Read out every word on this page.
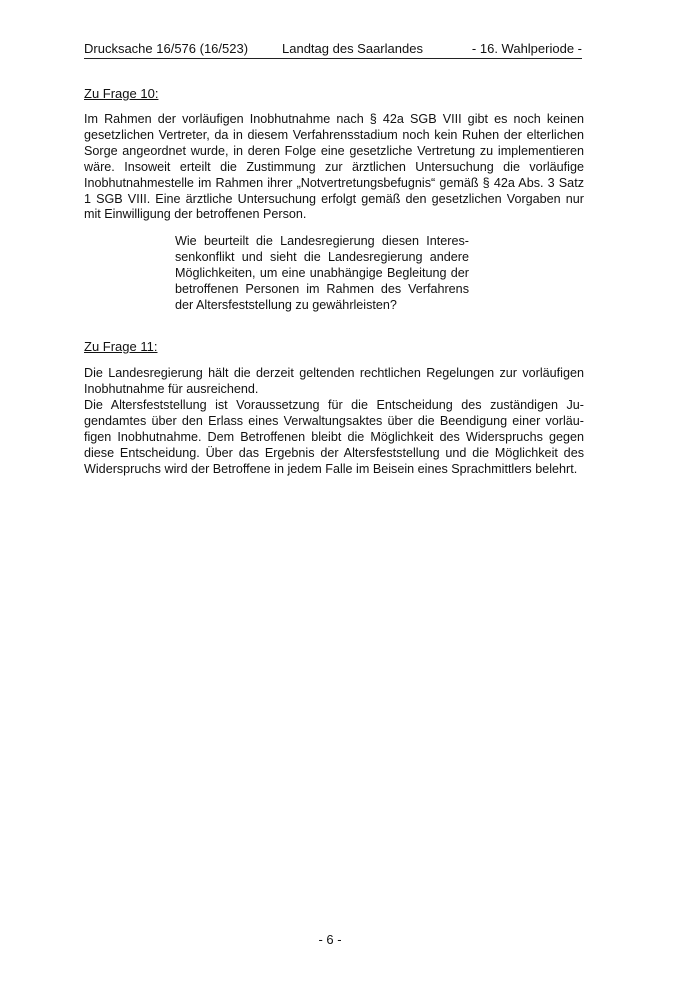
Drucksache 16/576 (16/523)	Landtag des Saarlandes	- 16. Wahlperiode -
Zu Frage 10:
Im Rahmen der vorläufigen Inobhutnahme nach § 42a SGB VIII gibt es noch keinen gesetzlichen Vertreter, da in diesem Verfahrensstadium noch kein Ruhen der elterlichen Sorge angeordnet wurde, in deren Folge eine gesetzliche Vertretung zu implementieren wäre. Insoweit erteilt die Zustimmung zur ärztlichen Untersuchung die vorläufige Inobhutnahmestelle im Rahmen ihrer „Notvertretungsbefugnis“ gemäß § 42a Abs. 3 Satz 1 SGB VIII. Eine ärztliche Untersuchung erfolgt gemäß den gesetzlichen Vorgaben nur mit Einwilligung der betroffenen Person.
Wie beurteilt die Landesregierung diesen Interessenkonflikt und sieht die Landesregierung andere Möglichkeiten, um eine unabhängige Begleitung der betroffenen Personen im Rahmen des Verfahrens der Altersfeststellung zu gewährleisten?
Zu Frage 11:
Die Landesregierung hält die derzeit geltenden rechtlichen Regelungen zur vorläufigen Inobhutnahme für ausreichend.
Die Altersfeststellung ist Voraussetzung für die Entscheidung des zuständigen Jugendamtes über den Erlass eines Verwaltungsaktes über die Beendigung einer vorläufigen Inobhutnahme. Dem Betroffenen bleibt die Möglichkeit des Widerspruchs gegen diese Entscheidung. Über das Ergebnis der Altersfeststellung und die Möglichkeit des Widerspruchs wird der Betroffene in jedem Falle im Beisein eines Sprachmittlers belehrt.
- 6 -
